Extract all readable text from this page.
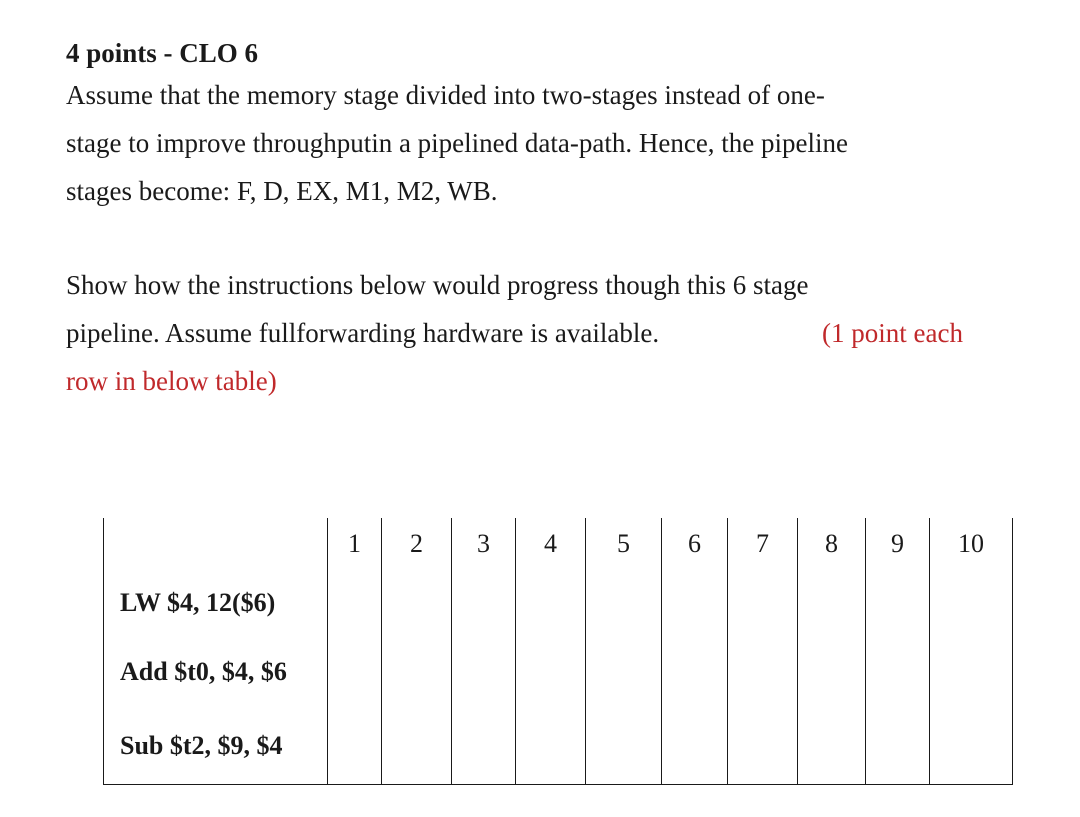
4 points - CLO 6
Assume that the memory stage divided into two-stages instead of one-
stage to improve throughputin a pipelined data-path. Hence, the pipeline
stages become: F, D, EX, M1, M2, WB.
Show how the instructions below would progress though this 6 stage
pipeline. Assume fullforwarding hardware is available.	(1 point each
row in below table)
	1	2	3	4	5	6	7	8	9	10
LW $4, 12($6)										
Add $t0, $4, $6										
Sub $t2, $9, $4										
